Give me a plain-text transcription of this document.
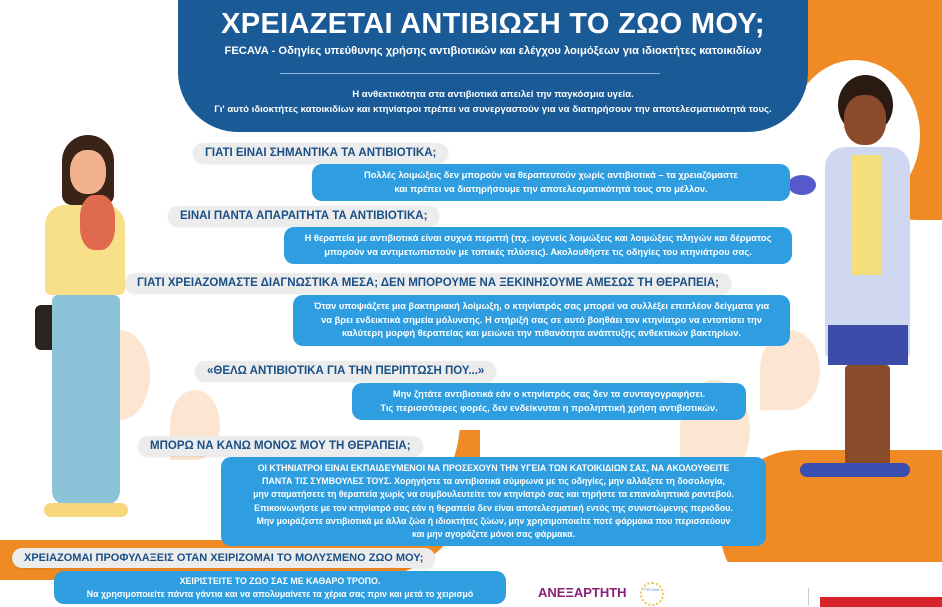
ΧΡΕΙΑΖΕΤΑΙ ΑΝΤΙΒΙΩΣΗ ΤΟ ΖΩΟ ΜΟΥ;
FECAVA - Οδηγίες υπεύθυνης χρήσης αντιβιοτικών και ελέγχου λοιμόξεων για ιδιοκτήτες κατοικιδίων
Η ανθεκτικότητα στα αντιβιοτικά απειλεί την παγκόσμια υγεία.
Γι' αυτό ιδιοκτήτες κατοικιδίων και κτηνίατροι πρέπει να συνεργαστούν για να διατηρήσουν την αποτελεσματικότητά τους.
ΓΙΑΤΙ ΕΙΝΑΙ ΣΗΜΑΝΤΙΚΑ ΤΑ ΑΝΤΙΒΙΟΤΙΚΑ;
Πολλές λοιμώξεις δεν μπορούν να θεραπευτούν χωρίς αντιβιοτικά – τα χρειαζόμαστε
και πρέπει να διατηρήσουμε την αποτελεσματικότητά τους στο μέλλον.
ΕΙΝΑΙ ΠΑΝΤΑ ΑΠΑΡΑΙΤΗΤΑ ΤΑ ΑΝΤΙΒΙΟΤΙΚΑ;
Η θεραπεία με αντιβιοτικά είναι συχνά περιττή (πχ. ιογενείς λοιμώξεις και λοιμώξεις πληγών και δέρματος
μπορούν να αντιμετωπιστούν με τοπικές πλύσεις). Ακολουθήστε τις οδηγίες του κτηνιάτρου σας.
ΓΙΑΤΙ ΧΡΕΙΑΖΟΜΑΣΤΕ ΔΙΑΓΝΩΣΤΙΚΑ ΜΕΣΑ; ΔΕΝ ΜΠΟΡΟΥΜΕ ΝΑ ΞΕΚΙΝΗΣΟΥΜΕ ΑΜΕΣΩΣ ΤΗ ΘΕΡΑΠΕΙΑ;
Όταν υποψιάζετε μια βακτηριακή λοίμωξη, ο κτηνίατρός σας μπορεί να συλλέξει επιπλέον δείγματα για
να βρει ενδεικτικά σημεία μόλυνσης. Η στήριξή σας σε αυτό βοηθάει τον κτηνίατρο να εντοπίσει την
καλύτερη μορφή θεραπείας και μειώνει την πιθανότητα ανάπτυξης ανθεκτικών βακτηρίων.
«ΘΕΛΩ ΑΝΤΙΒΙΟΤΙΚΑ ΓΙΑ ΤΗΝ ΠΕΡΙΠΤΩΣΗ ΠΟΥ...»
Μην ζητάτε αντιβιοτικά εάν ο κτηνίατρός σας δεν τα συνταγογραφήσει.
Τις περισσότερες φορές, δεν ενδείκνυται η προληπτική χρήση αντιβιοτικών.
ΜΠΟΡΩ ΝΑ ΚΑΝΩ ΜΟΝΟΣ ΜΟΥ ΤΗ ΘΕΡΑΠΕΙΑ;
ΟΙ ΚΤΗΝΙΑΤΡΟΙ ΕΙΝΑΙ ΕΚΠΑΙΔΕΥΜΕΝΟΙ ΝΑ ΠΡΟΣΕΧΟΥΝ ΤΗΝ ΥΓΕΙΑ ΤΩΝ ΚΑΤΟΙΚΙΔΙΩΝ ΣΑΣ, ΝΑ ΑΚΟΛΟΥΘΕΙΤΕ
ΠΑΝΤΑ ΤΙΣ ΣΥΜΒΟΥΛΕΣ ΤΟΥΣ. Χορηγήστε τα αντιβιοτικά σύμφωνα με τις οδηγίες, μην αλλάξετε τη δοσολογία,
μην σταματήσετε τη θεραπεία χωρίς να συμβουλευτείτε τον κτηνίατρό σας και τηρήστε τα επαναληπτικά ραντεβού.
Επικοινωνήστε με τον κτηνίατρό σας εάν η θεραπεία δεν είναι αποτελεσματική εντός της συνιστώμενης περιόδου.
Μην μοιράζεστε αντιβιοτικά με άλλα ζώα ή ιδιοκτήτες ζώων, μην χρησιμοποιείτε ποτέ φάρμακα που περισσεύουν
και μην αγοράζετε μόνοι σας φάρμακα.
ΧΡΕΙΑΖΟΜΑΙ ΠΡΟΦΥΛΑΞΕΙΣ ΟΤΑΝ ΧΕΙΡΙΖΟΜΑΙ ΤΟ ΜΟΛΥΣΜΕΝΟ ΖΩΟ ΜΟΥ;
ΧΕΙΡΙΣΤΕΙΤΕ ΤΟ ΖΩΟ ΣΑΣ ΜΕ ΚΑΘΑΡΟ ΤΡΟΠΟ.
Να χρησιμοποιείτε πάντα γάντια και να απολυμαίνετε τα χέρια σας πριν και μετά το χειρισμό	ΑΝΕΞΑΡΤΗΤΗ	FECAVA
